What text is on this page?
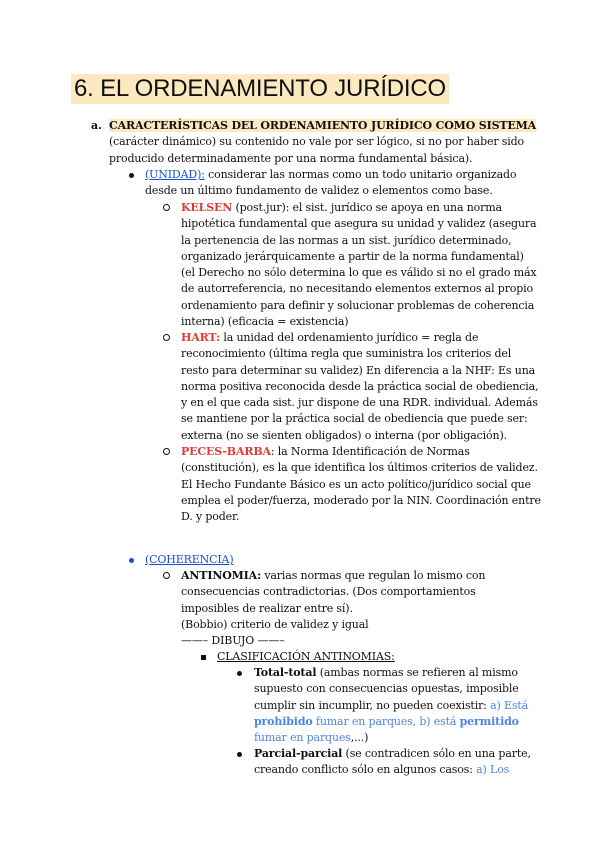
6. EL ORDENAMIENTO JURÍDICO
a. CARACTERÍSTICAS DEL ORDENAMIENTO JURÍDICO COMO SISTEMA
(carácter dinámico) su contenido no vale por ser lógico, si no por haber sido
producido determinadamente por una norma fundamental básica).
(UNIDAD): considerar las normas como un todo unitario organizado
desde un último fundamento de validez o elementos como base.
KELSEN (post.jur): el sist. jurídico se apoya en una norma
hipotética fundamental que asegura su unidad y validez (asegura
la pertenencia de las normas a un sist. jurídico determinado,
organizado jerárquicamente a partir de la norma fundamental)
(el Derecho no sólo determina lo que es válido si no el grado máx
de autorreferencia, no necesitando elementos externos al propio
ordenamiento para definir y solucionar problemas de coherencia
interna) (eficacia = existencia)
HART: la unidad del ordenamiento jurídico = regla de
reconocimiento (última regla que suministra los criterios del
resto para determinar su validez) En diferencia a la NHF: Es una
norma positiva reconocida desde la práctica social de obediencia,
y en el que cada sist. jur dispone de una RDR. individual. Además
se mantiene por la práctica social de obediencia que puede ser:
externa (no se sienten obligados) o interna (por obligación).
PECES-BARBA: la Norma Identificación de Normas
(constitución), es la que identifica los últimos criterios de validez.
El Hecho Fundante Básico es un acto político/jurídico social que
emplea el poder/fuerza, moderado por la NIN. Coordinación entre
D. y poder.
(COHERENCIA)
ANTINOMIA: varias normas que regulan lo mismo con
consecuencias contradictorias. (Dos comportamientos
imposibles de realizar entre sí).
(Bobbio) criterio de validez y igual
——– DIBUJO ——–
CLASIFICACIÓN ANTINOMIAS:
Total-total (ambas normas se refieren al mismo
supuesto con consecuencias opuestas, imposible
cumplir sin incumplir, no pueden coexistir: a) Está
prohibido fumar en parques, b) está permitido
fumar en parques,...)
Parcial-parcial (se contradicen sólo en una parte,
creando conflicto sólo en algunos casos: a) Los
